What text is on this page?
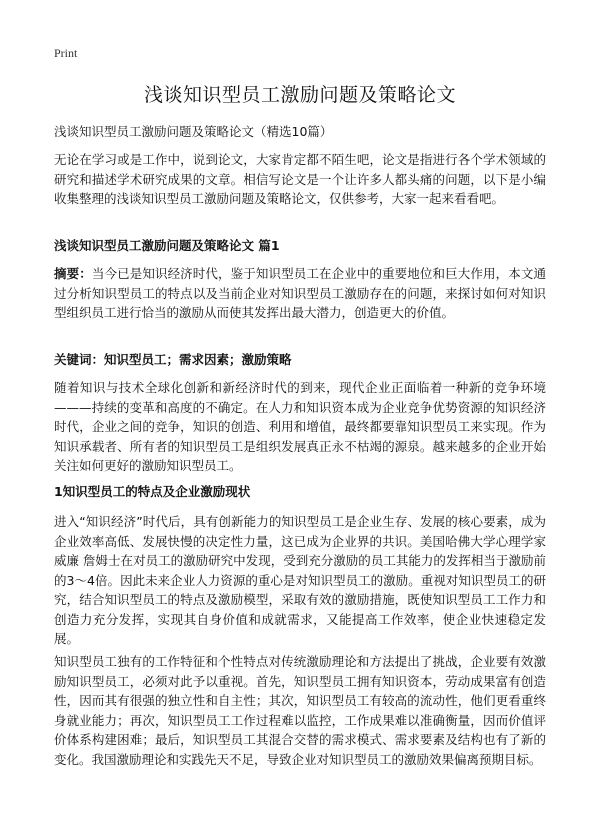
Print
浅谈知识型员工激励问题及策略论文

浅谈知识型员工激励问题及策略论文（精选10篇）

无论在学习或是工作中，说到论文，大家肯定都不陌生吧，论文是指进行各个学术领域的研究和描述学术研究成果的文章。相信写论文是一个让许多人都头痛的问题，以下是小编收集整理的浅谈知识型员工激励问题及策略论文，仅供参考，大家一起来看看吧。

浅谈知识型员工激励问题及策略论文 篇1

摘要：当今已是知识经济时代，鉴于知识型员工在企业中的重要地位和巨大作用，本文通过分析知识型员工的特点以及当前企业对知识型员工激励存在的问题，来探讨如何对知识型组织员工进行恰当的激励从而使其发挥出最大潜力，创造更大的价值。

关键词：知识型员工；需求因素；激励策略

随着知识与技术全球化创新和新经济时代的到来，现代企业正面临着一种新的竞争环境———持续的变革和高度的不确定。在人力和知识资本成为企业竞争优势资源的知识经济时代，企业之间的竞争，知识的创造、利用和增值，最终都要靠知识型员工来实现。作为知识承载者、所有者的知识型员工是组织发展真正永不枯竭的源泉。越来越多的企业开始关注如何更好的激励知识型员工。

1知识型员工的特点及企业激励现状

进入“知识经济”时代后，具有创新能力的知识型员工是企业生存、发展的核心要素，成为企业效率高低、发展快慢的决定性力量，这已成为企业界的共识。美国哈佛大学心理学家威廉 詹姆士在对员工的激励研究中发现，受到充分激励的员工其能力的发挥相当于激励前的3～4倍。因此未来企业人力资源的重心是对知识型员工的激励。重视对知识型员工的研究，结合知识型员工的特点及激励模型，采取有效的激励措施，既使知识型员工工作力和创造力充分发挥，实现其自身价值和成就需求，又能提高工作效率，使企业快速稳定发展。

知识型员工独有的工作特征和个性特点对传统激励理论和方法提出了挑战，企业要有效激励知识型员工，必须对此予以重视。首先，知识型员工拥有知识资本，劳动成果富有创造性，因而其有很强的独立性和自主性；其次，知识型员工有较高的流动性，他们更看重终身就业能力；再次，知识型员工工作过程难以监控，工作成果难以准确衡量，因而价值评价体系构建困难；最后，知识型员工其混合交替的需求模式、需求要素及结构也有了新的变化。我国激励理论和实践先天不足，导致企业对知识型员工的激励效果偏离预期目标。
